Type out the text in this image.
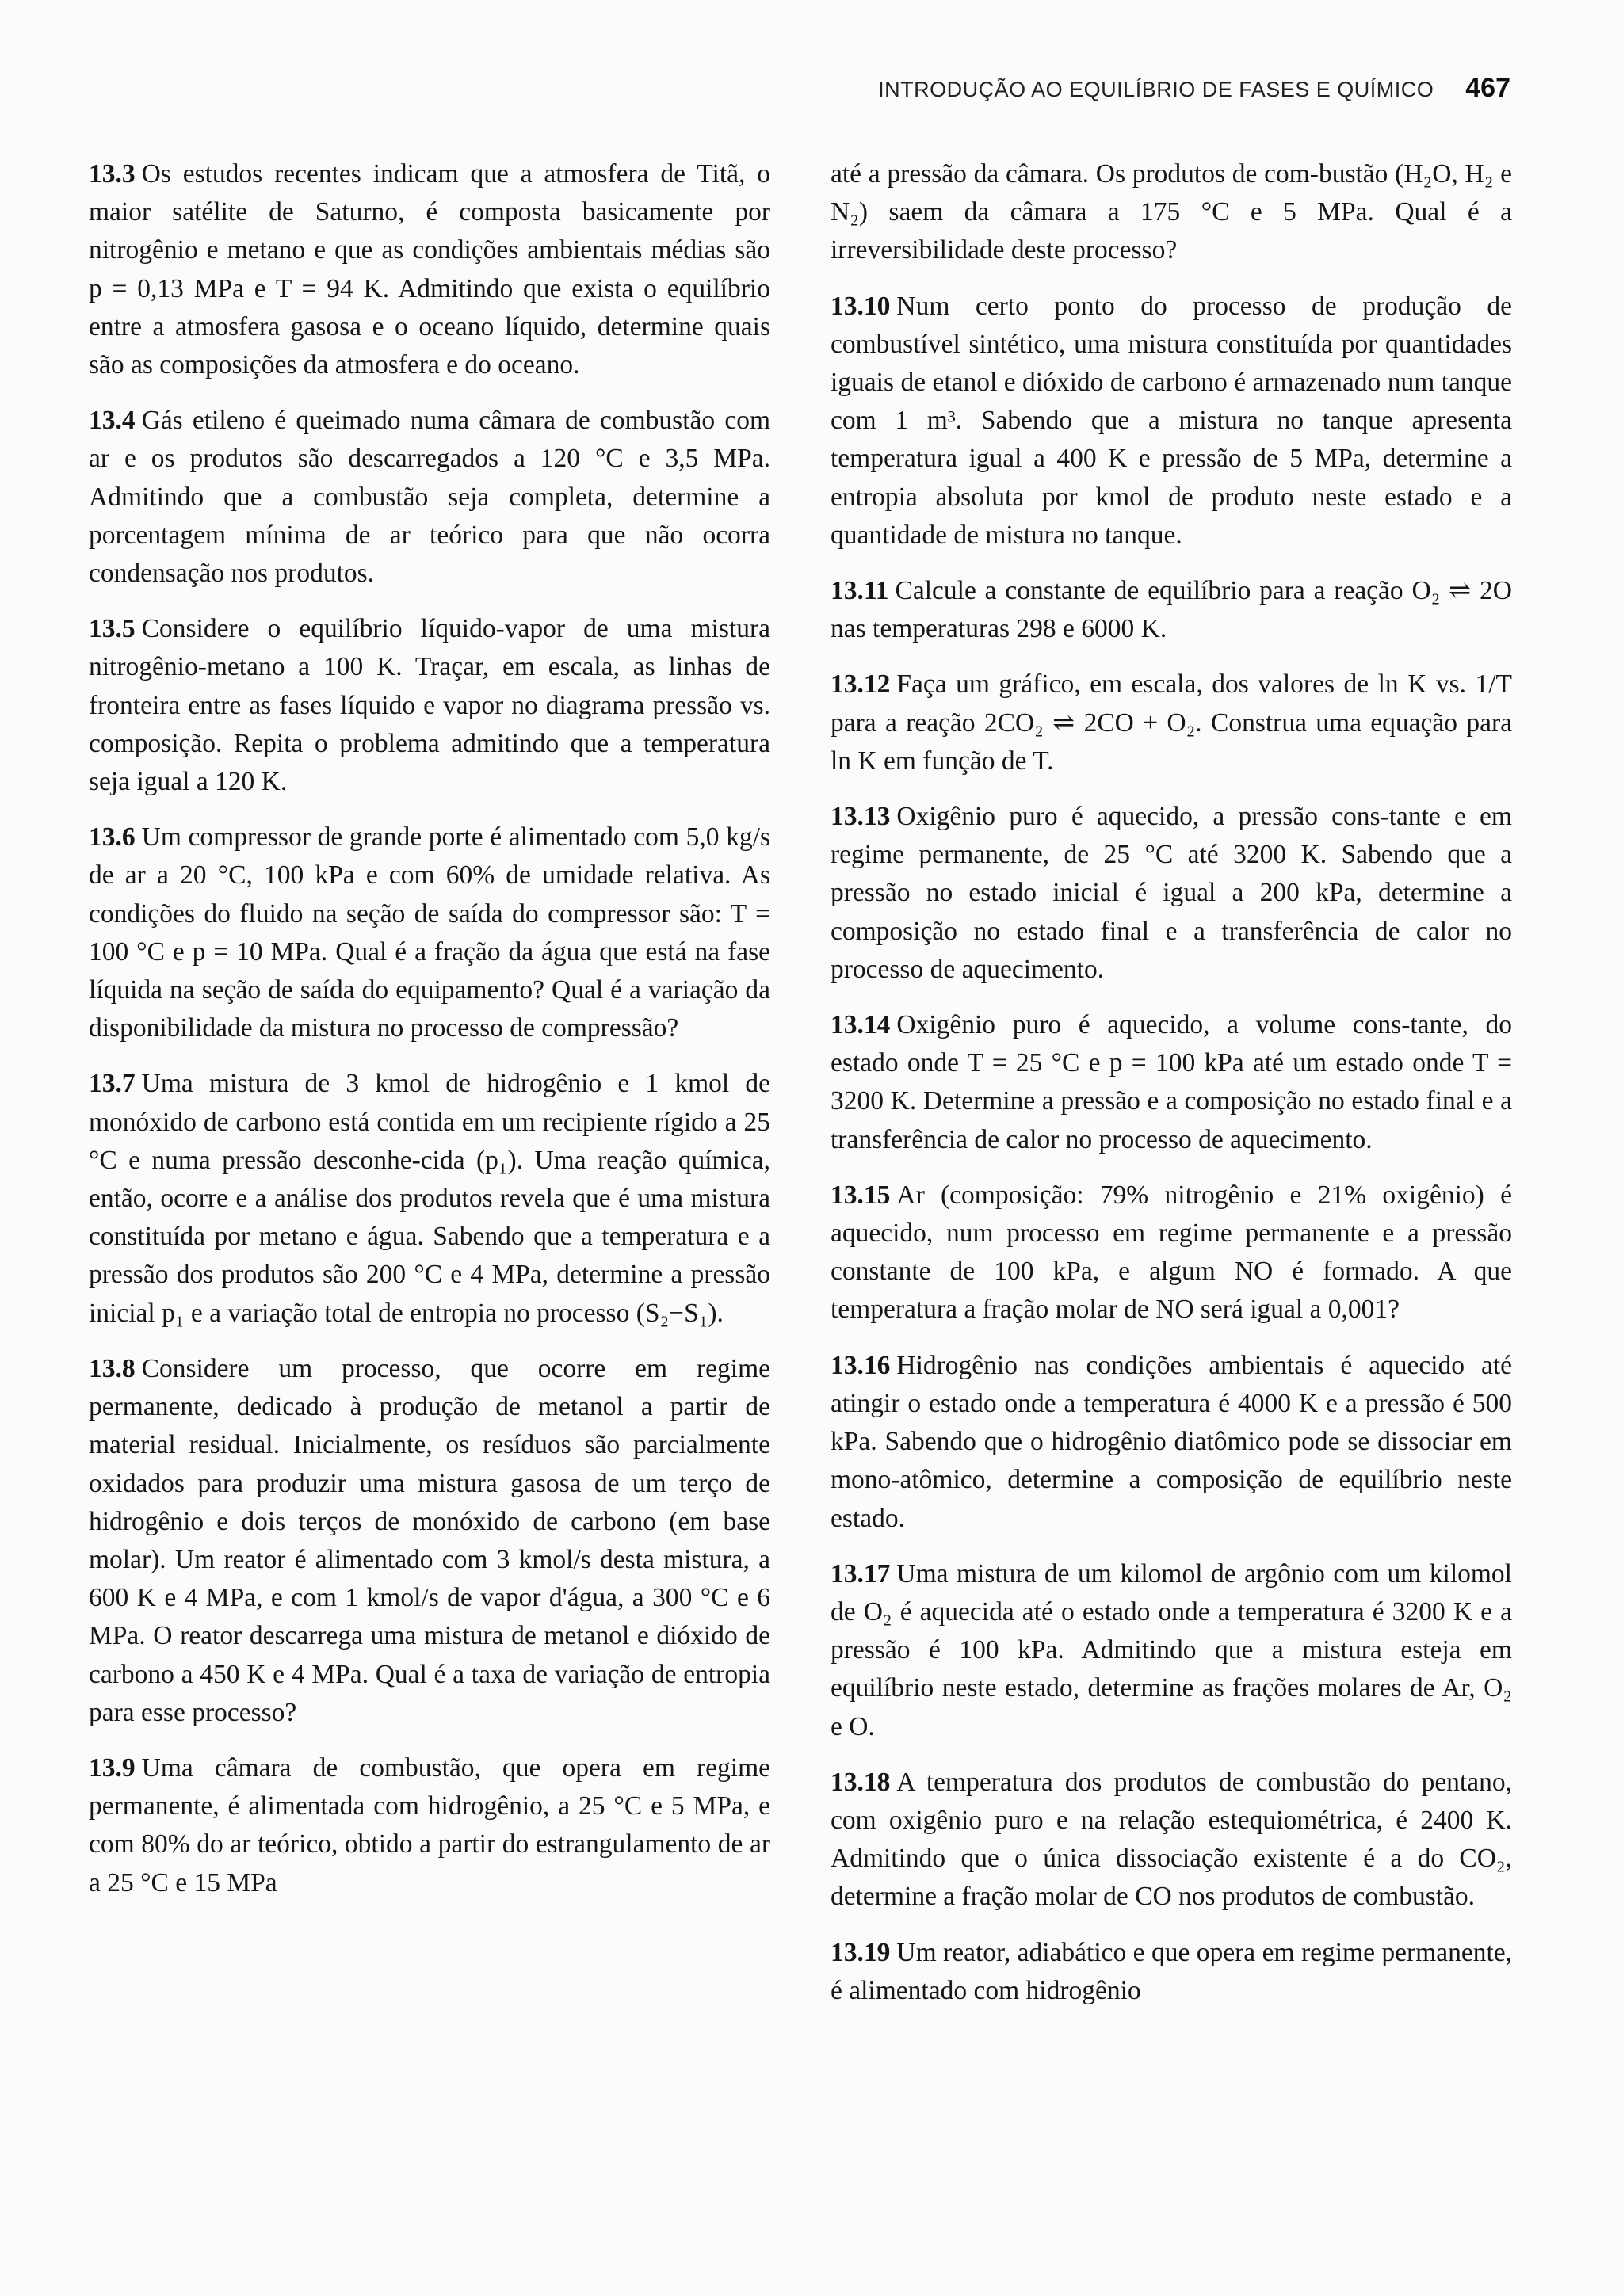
INTRODUÇÃO AO EQUILÍBRIO DE FASES E QUÍMICO 467

13.3 Os estudos recentes indicam que a atmosfera de Titã, o maior satélite de Saturno, é composta basicamente por nitrogênio e metano e que as condições ambientais médias são p = 0,13 MPa e T = 94 K. Admitindo que exista o equilíbrio entre a atmosfera gasosa e o oceano líquido, determine quais são as composições da atmosfera e do oceano.

13.4 Gás etileno é queimado numa câmara de combustão com ar e os produtos são descarregados a 120 °C e 3,5 MPa. Admitindo que a combustão seja completa, determine a porcentagem mínima de ar teórico para que não ocorra condensação nos produtos.

13.5 Considere o equilíbrio líquido-vapor de uma mistura nitrogênio-metano a 100 K. Traçar, em escala, as linhas de fronteira entre as fases líquido e vapor no diagrama pressão vs. composição. Repita o problema admitindo que a temperatura seja igual a 120 K.

13.6 Um compressor de grande porte é alimentado com 5,0 kg/s de ar a 20 °C, 100 kPa e com 60% de umidade relativa. As condições do fluido na seção de saída do compressor são: T = 100 °C e p = 10 MPa. Qual é a fração da água que está na fase líquida na seção de saída do equipamento? Qual é a variação da disponibilidade da mistura no processo de compressão?

13.7 Uma mistura de 3 kmol de hidrogênio e 1 kmol de monóxido de carbono está contida em um recipiente rígido a 25 °C e numa pressão desconhe-cida (p₁). Uma reação química, então, ocorre e a análise dos produtos revela que é uma mistura constituída por metano e água. Sabendo que a temperatura e a pressão dos produtos são 200 °C e 4 MPa, determine a pressão inicial p₁ e a variação total de entropia no processo (S₂−S₁).

13.8 Considere um processo, que ocorre em regime permanente, dedicado à produção de metanol a partir de material residual. Inicialmente, os resíduos são parcialmente oxidados para produzir uma mistura gasosa de um terço de hidrogênio e dois terços de monóxido de carbono (em base molar). Um reator é alimentado com 3 kmol/s desta mistura, a 600 K e 4 MPa, e com 1 kmol/s de vapor d'água, a 300 °C e 6 MPa. O reator descarrega uma mistura de metanol e dióxido de carbono a 450 K e 4 MPa. Qual é a taxa de variação de entropia para esse processo?

13.9 Uma câmara de combustão, que opera em regime permanente, é alimentada com hidrogênio, a 25 °C e 5 MPa, e com 80% do ar teórico, obtido a partir do estrangulamento de ar a 25 °C e 15 MPa

até a pressão da câmara. Os produtos de com-bustão (H₂O, H₂ e N₂) saem da câmara a 175 °C e 5 MPa. Qual é a irreversibilidade deste processo?

13.10 Num certo ponto do processo de produção de combustível sintético, uma mistura constituída por quantidades iguais de etanol e dióxido de carbono é armazenado num tanque com 1 m³. Sabendo que a mistura no tanque apresenta temperatura igual a 400 K e pressão de 5 MPa, determine a entropia absoluta por kmol de produto neste estado e a quantidade de mistura no tanque.

13.11 Calcule a constante de equilíbrio para a reação O₂ ⇌ 2O nas temperaturas 298 e 6000 K.

13.12 Faça um gráfico, em escala, dos valores de ln K vs. 1/T para a reação 2CO₂ ⇌ 2CO + O₂. Construa uma equação para ln K em função de T.

13.13 Oxigênio puro é aquecido, a pressão cons-tante e em regime permanente, de 25 °C até 3200 K. Sabendo que a pressão no estado inicial é igual a 200 kPa, determine a composição no estado final e a transferência de calor no processo de aquecimento.

13.14 Oxigênio puro é aquecido, a volume cons-tante, do estado onde T = 25 °C e p = 100 kPa até um estado onde T = 3200 K. Determine a pressão e a composição no estado final e a transferência de calor no processo de aquecimento.

13.15 Ar (composição: 79% nitrogênio e 21% oxigênio) é aquecido, num processo em regime permanente e a pressão constante de 100 kPa, e algum NO é formado. A que temperatura a fração molar de NO será igual a 0,001?

13.16 Hidrogênio nas condições ambientais é aquecido até atingir o estado onde a temperatura é 4000 K e a pressão é 500 kPa. Sabendo que o hidrogênio diatômico pode se dissociar em mono-atômico, determine a composição de equilíbrio neste estado.

13.17 Uma mistura de um kilomol de argônio com um kilomol de O₂ é aquecida até o estado onde a temperatura é 3200 K e a pressão é 100 kPa. Admitindo que a mistura esteja em equilíbrio neste estado, determine as frações molares de Ar, O₂ e O.

13.18 A temperatura dos produtos de combustão do pentano, com oxigênio puro e na relação estequiométrica, é 2400 K. Admitindo que o única dissociação existente é a do CO₂, determine a fração molar de CO nos produtos de combustão.

13.19 Um reator, adiabático e que opera em regime permanente, é alimentado com hidrogênio
